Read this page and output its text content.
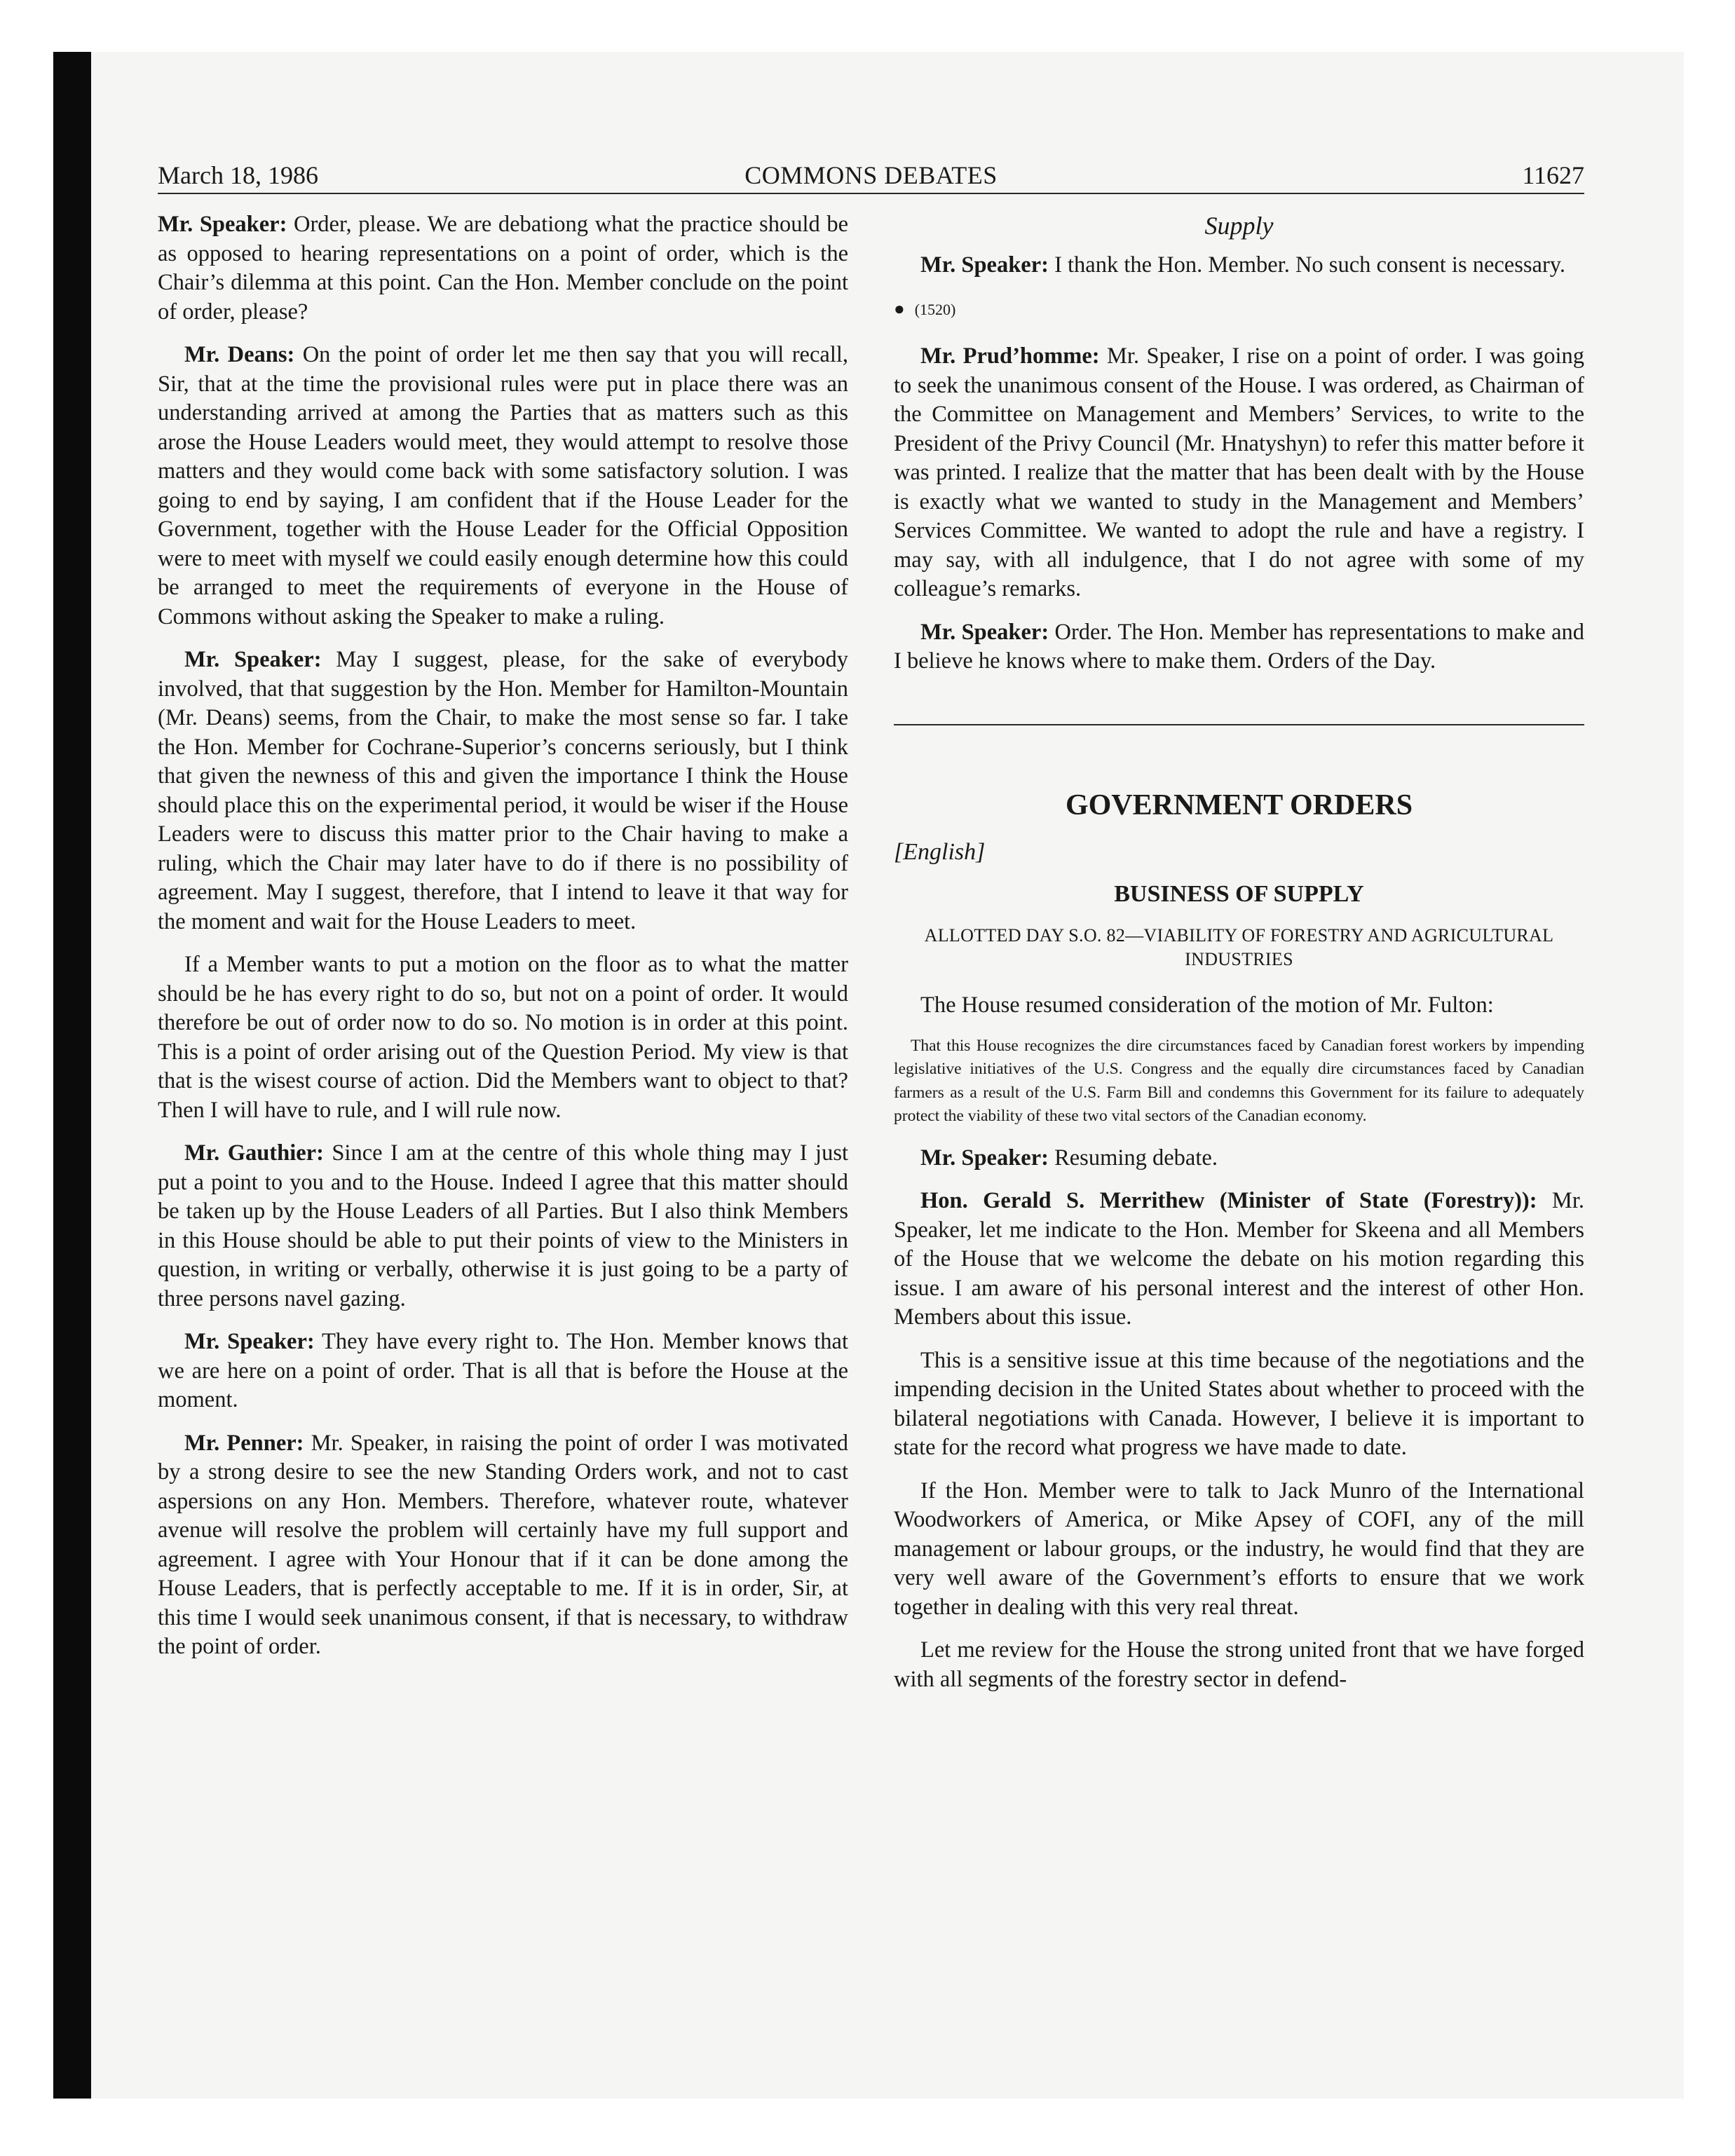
March 18, 1986	COMMONS DEBATES	11627

Mr. Speaker: Order, please. We are debationg what the practice should be as opposed to hearing representations on a point of order, which is the Chair’s dilemma at this point. Can the Hon. Member conclude on the point of order, please?

Mr. Deans: On the point of order let me then say that you will recall, Sir, that at the time the provisional rules were put in place there was an understanding arrived at among the Parties that as matters such as this arose the House Leaders would meet, they would attempt to resolve those matters and they would come back with some satisfactory solution. I was going to end by saying, I am confident that if the House Leader for the Government, together with the House Leader for the Official Opposition were to meet with myself we could easily enough determine how this could be arranged to meet the requirements of everyone in the House of Commons without asking the Speaker to make a ruling.

Mr. Speaker: May I suggest, please, for the sake of everybody involved, that that suggestion by the Hon. Member for Hamilton-Mountain (Mr. Deans) seems, from the Chair, to make the most sense so far. I take the Hon. Member for Cochrane-Superior’s concerns seriously, but I think that given the newness of this and given the importance I think the House should place this on the experimental period, it would be wiser if the House Leaders were to discuss this matter prior to the Chair having to make a ruling, which the Chair may later have to do if there is no possibility of agreement. May I suggest, therefore, that I intend to leave it that way for the moment and wait for the House Leaders to meet.

If a Member wants to put a motion on the floor as to what the matter should be he has every right to do so, but not on a point of order. It would therefore be out of order now to do so. No motion is in order at this point. This is a point of order arising out of the Question Period. My view is that that is the wisest course of action. Did the Members want to object to that? Then I will have to rule, and I will rule now.

Mr. Gauthier: Since I am at the centre of this whole thing may I just put a point to you and to the House. Indeed I agree that this matter should be taken up by the House Leaders of all Parties. But I also think Members in this House should be able to put their points of view to the Ministers in question, in writing or verbally, otherwise it is just going to be a party of three persons navel gazing.

Mr. Speaker: They have every right to. The Hon. Member knows that we are here on a point of order. That is all that is before the House at the moment.

Mr. Penner: Mr. Speaker, in raising the point of order I was motivated by a strong desire to see the new Standing Orders work, and not to cast aspersions on any Hon. Members. Therefore, whatever route, whatever avenue will resolve the problem will certainly have my full support and agreement. I agree with Your Honour that if it can be done among the House Leaders, that is perfectly acceptable to me. If it is in order, Sir, at this time I would seek unanimous consent, if that is necessary, to withdraw the point of order.

Supply

Mr. Speaker: I thank the Hon. Member. No such consent is necessary.

● (1520)

Mr. Prud’homme: Mr. Speaker, I rise on a point of order. I was going to seek the unanimous consent of the House. I was ordered, as Chairman of the Committee on Management and Members’ Services, to write to the President of the Privy Council (Mr. Hnatyshyn) to refer this matter before it was printed. I realize that the matter that has been dealt with by the House is exactly what we wanted to study in the Management and Members’ Services Committee. We wanted to adopt the rule and have a registry. I may say, with all indulgence, that I do not agree with some of my colleague’s remarks.

Mr. Speaker: Order. The Hon. Member has representations to make and I believe he knows where to make them. Orders of the Day.

GOVERNMENT ORDERS
[English]
BUSINESS OF SUPPLY
ALLOTTED DAY S.O. 82—VIABILITY OF FORESTRY AND AGRICULTURAL INDUSTRIES

The House resumed consideration of the motion of Mr. Fulton:

That this House recognizes the dire circumstances faced by Canadian forest workers by impending legislative initiatives of the U.S. Congress and the equally dire circumstances faced by Canadian farmers as a result of the U.S. Farm Bill and condemns this Government for its failure to adequately protect the viability of these two vital sectors of the Canadian economy.

Mr. Speaker: Resuming debate.

Hon. Gerald S. Merrithew (Minister of State (Forestry)): Mr. Speaker, let me indicate to the Hon. Member for Skeena and all Members of the House that we welcome the debate on his motion regarding this issue. I am aware of his personal interest and the interest of other Hon. Members about this issue.

This is a sensitive issue at this time because of the negotiations and the impending decision in the United States about whether to proceed with the bilateral negotiations with Canada. However, I believe it is important to state for the record what progress we have made to date.

If the Hon. Member were to talk to Jack Munro of the International Woodworkers of America, or Mike Apsey of COFI, any of the mill management or labour groups, or the industry, he would find that they are very well aware of the Government’s efforts to ensure that we work together in dealing with this very real threat.

Let me review for the House the strong united front that we have forged with all segments of the forestry sector in defend-
